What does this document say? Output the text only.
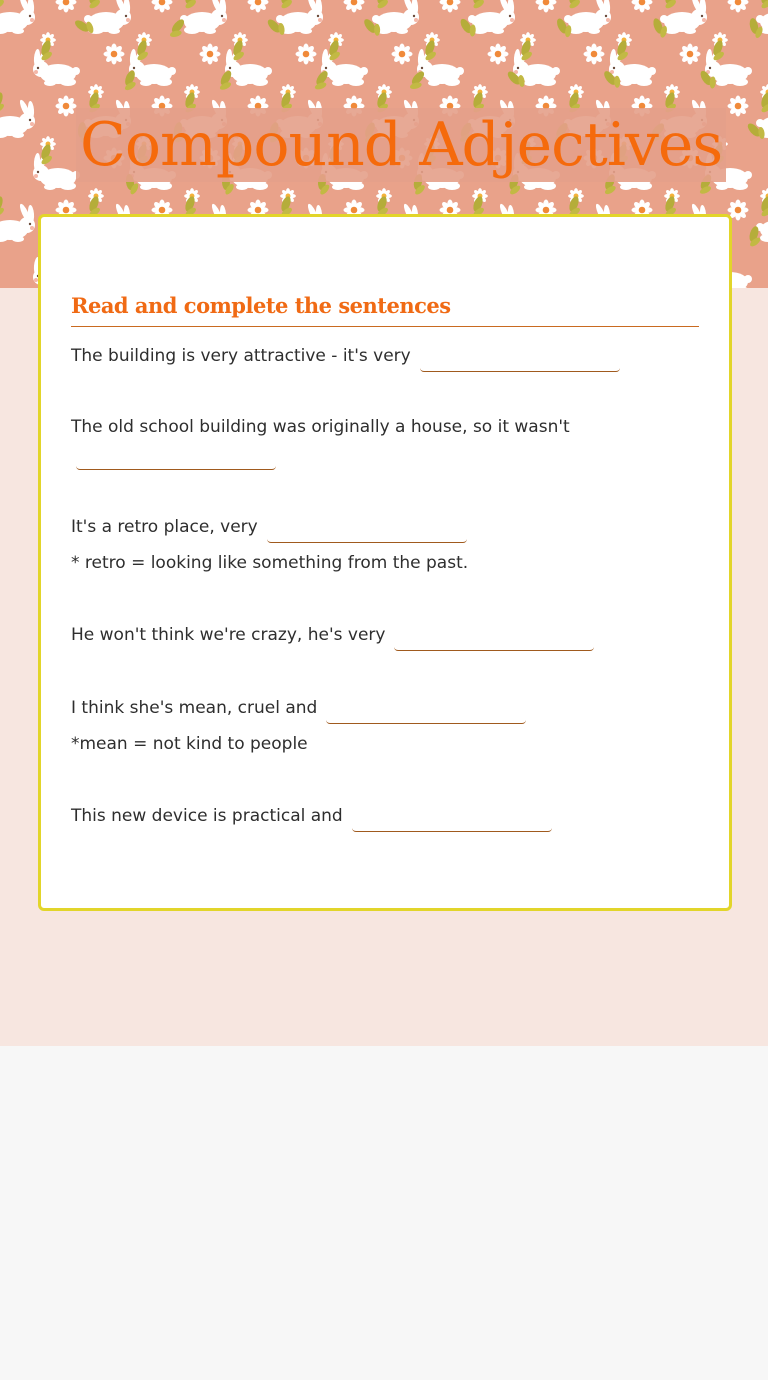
Compound Adjectives
Read and complete the sentences
The building is very attractive - it's very
The old school building was originally a house, so it wasn't
It's a retro place, very
* retro = looking like something from the past.
He won't think we're crazy, he's very
I think she's mean, cruel and
*mean = not kind to people
This new device is practical and
